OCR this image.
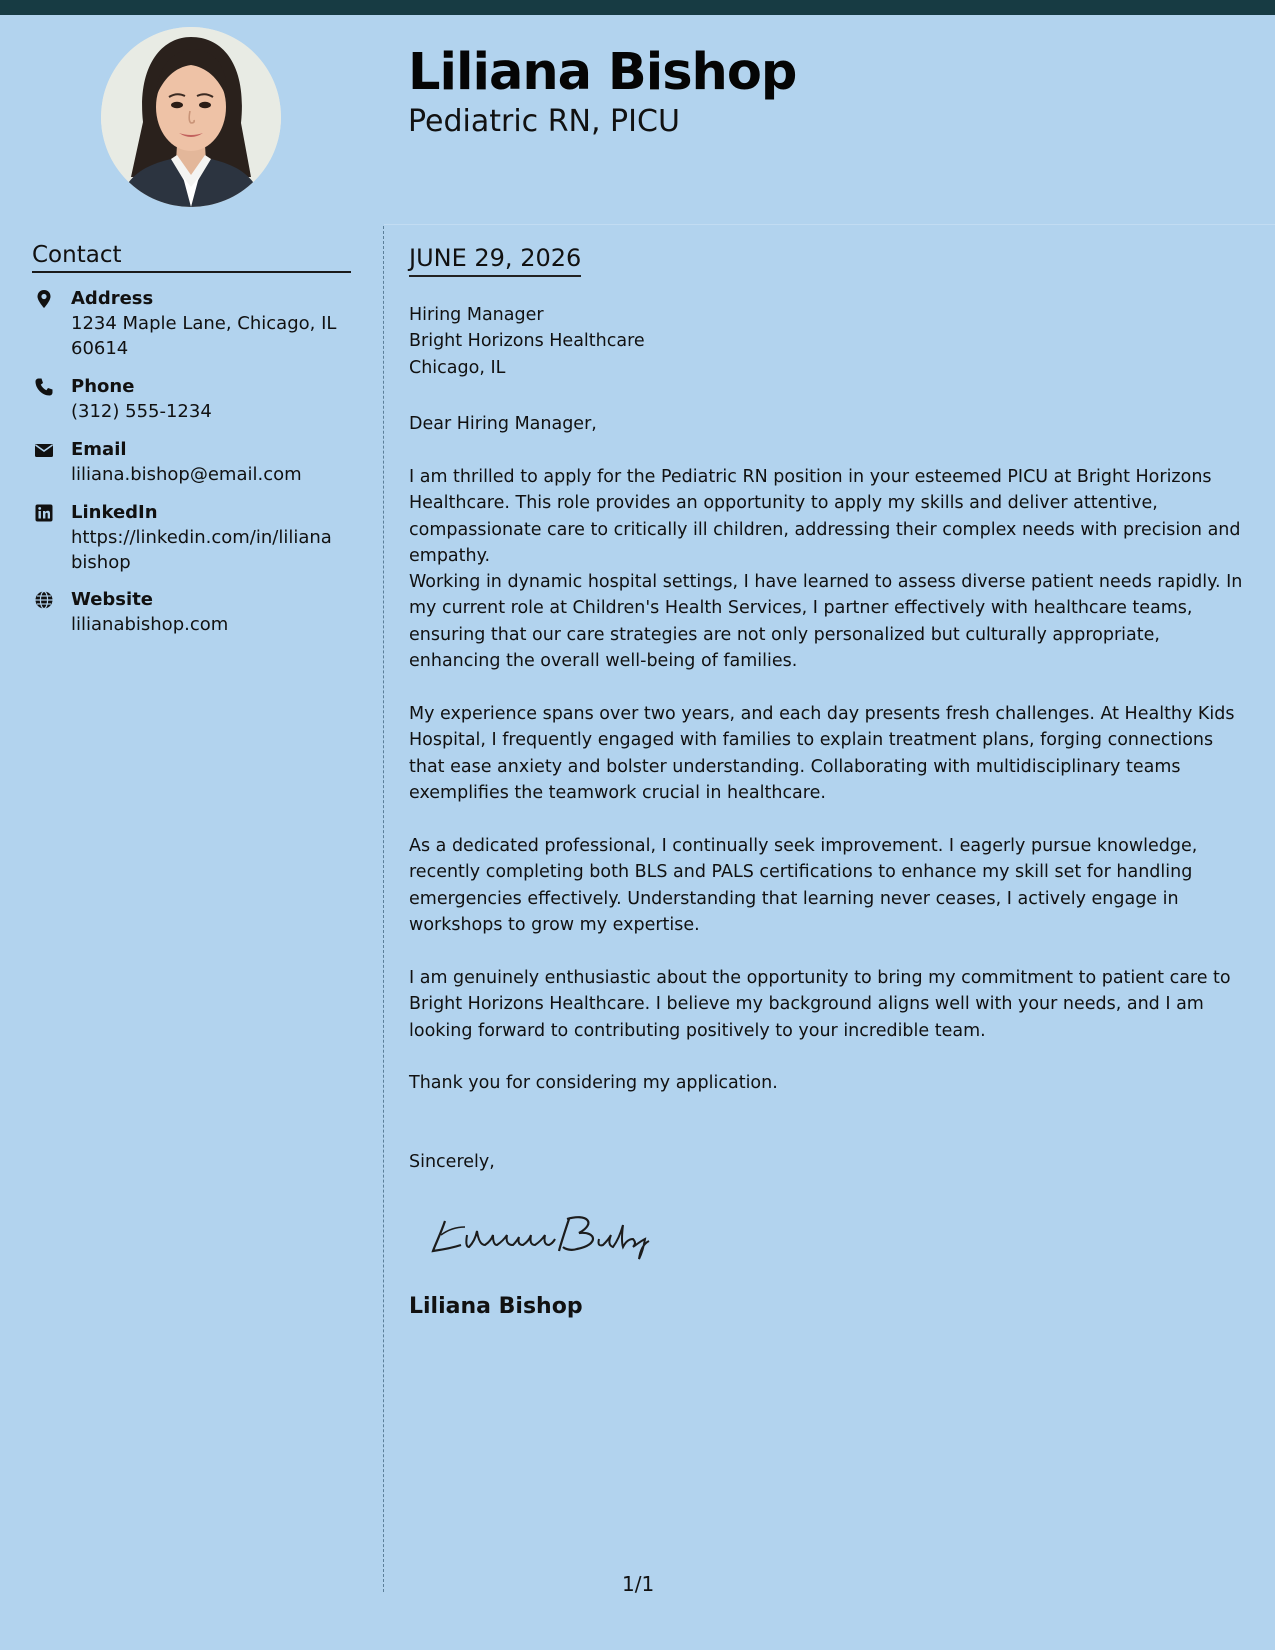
Liliana Bishop
Pediatric RN, PICU
Contact
Address
1234 Maple Lane, Chicago, IL 60614
Phone
(312) 555-1234
Email
liliana.bishop@email.com
LinkedIn
https://linkedin.com/in/lilianabishop
Website
lilianabishop.com
JUNE 29, 2026
Hiring Manager
Bright Horizons Healthcare
Chicago, IL
Dear Hiring Manager,
I am thrilled to apply for the Pediatric RN position in your esteemed PICU at Bright Horizons Healthcare. This role provides an opportunity to apply my skills and deliver attentive, compassionate care to critically ill children, addressing their complex needs with precision and empathy.
Working in dynamic hospital settings, I have learned to assess diverse patient needs rapidly. In my current role at Children's Health Services, I partner effectively with healthcare teams, ensuring that our care strategies are not only personalized but culturally appropriate, enhancing the overall well-being of families.
My experience spans over two years, and each day presents fresh challenges. At Healthy Kids Hospital, I frequently engaged with families to explain treatment plans, forging connections that ease anxiety and bolster understanding. Collaborating with multidisciplinary teams exemplifies the teamwork crucial in healthcare.
As a dedicated professional, I continually seek improvement. I eagerly pursue knowledge, recently completing both BLS and PALS certifications to enhance my skill set for handling emergencies effectively. Understanding that learning never ceases, I actively engage in workshops to grow my expertise.
I am genuinely enthusiastic about the opportunity to bring my commitment to patient care to Bright Horizons Healthcare. I believe my background aligns well with your needs, and I am looking forward to contributing positively to your incredible team.
Thank you for considering my application.
Sincerely,
Liliana Bishop
1/1
